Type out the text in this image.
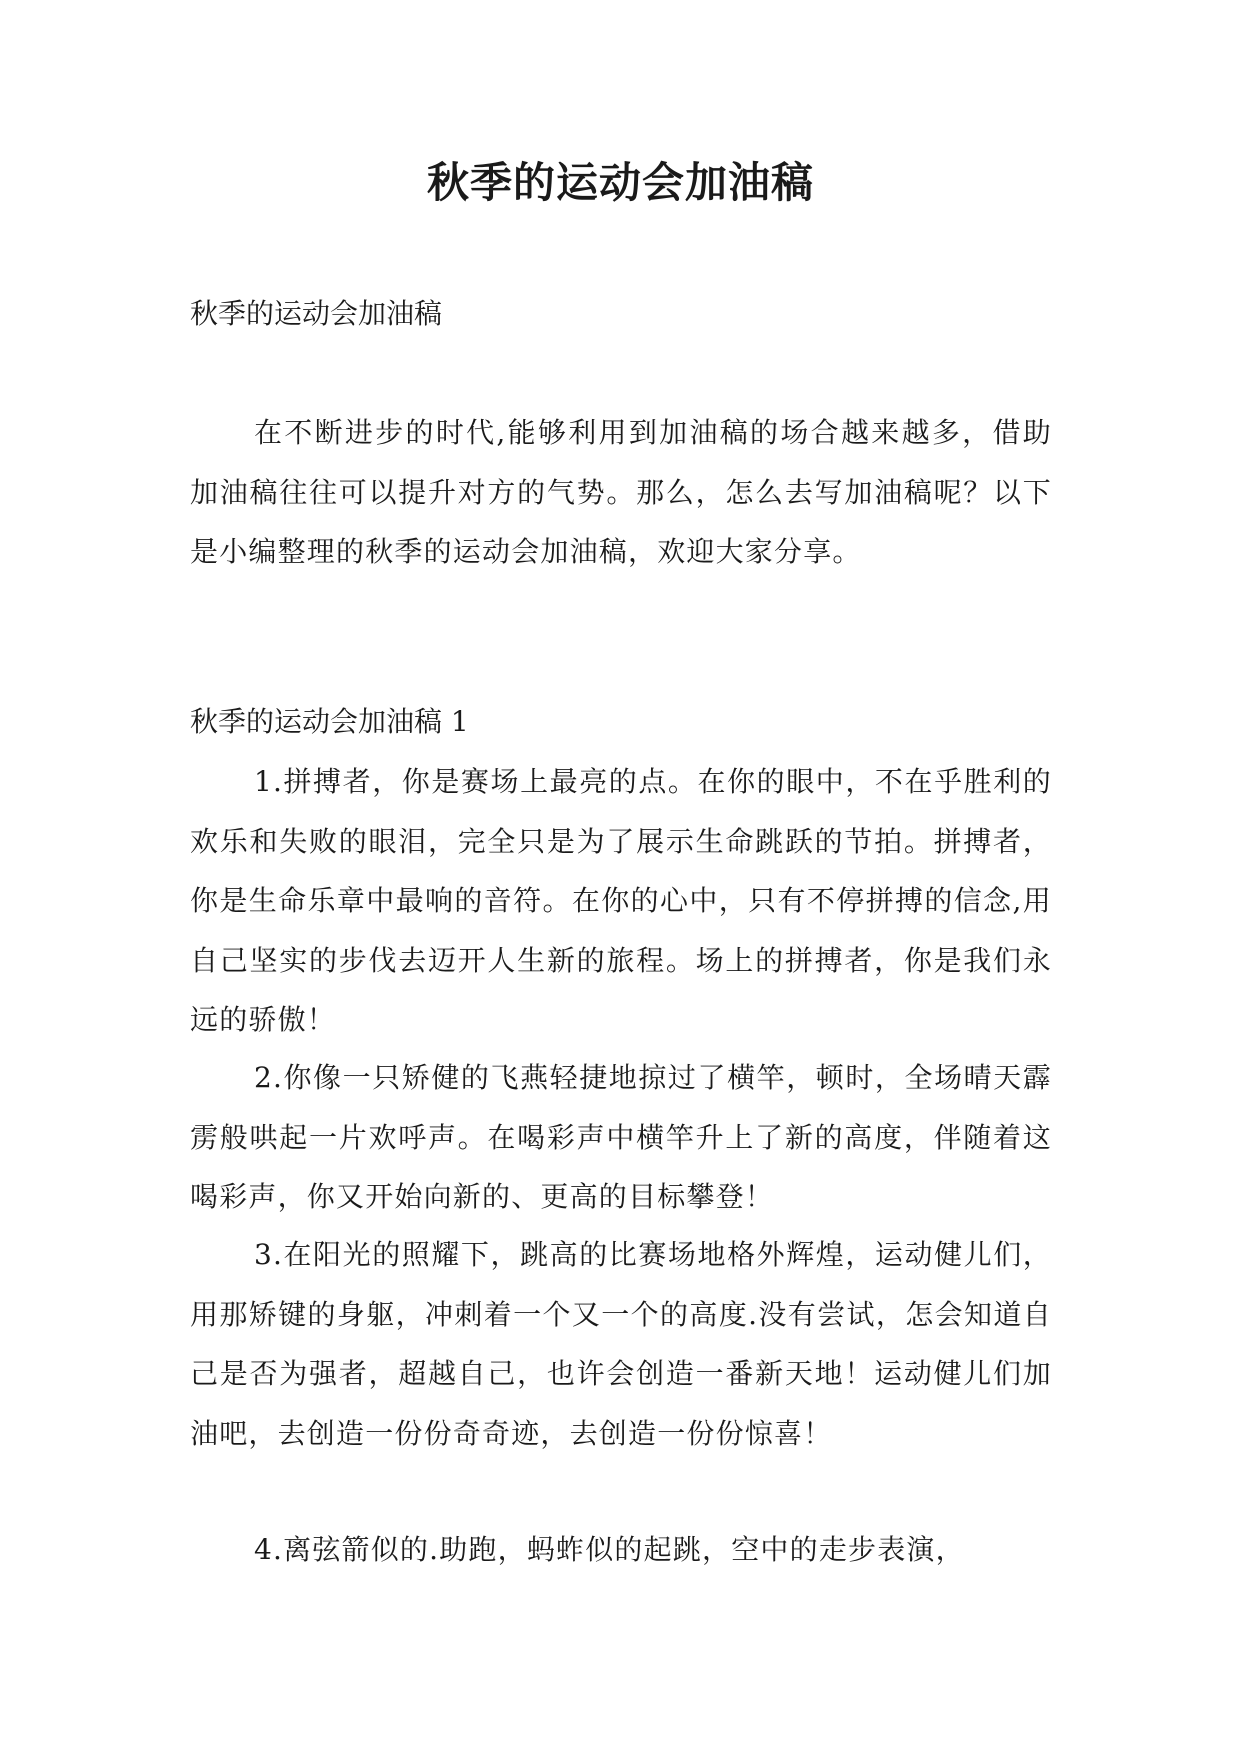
秋季的运动会加油稿

秋季的运动会加油稿

在不断进步的时代,能够利用到加油稿的场合越来越多，借助加油稿往往可以提升对方的气势。那么，怎么去写加油稿呢？以下是小编整理的秋季的运动会加油稿，欢迎大家分享。

秋季的运动会加油稿 1

1.拼搏者，你是赛场上最亮的点。在你的眼中，不在乎胜利的欢乐和失败的眼泪，完全只是为了展示生命跳跃的节拍。拼搏者，你是生命乐章中最响的音符。在你的心中，只有不停拼搏的信念,用自己坚实的步伐去迈开人生新的旅程。场上的拼搏者，你是我们永远的骄傲！

2.你像一只矫健的飞燕轻捷地掠过了横竿，顿时，全场晴天霹雳般哄起一片欢呼声。在喝彩声中横竿升上了新的高度，伴随着这喝彩声，你又开始向新的、更高的目标攀登！

3.在阳光的照耀下，跳高的比赛场地格外辉煌，运动健儿们，用那矫键的身躯，冲刺着一个又一个的高度.没有尝试，怎会知道自己是否为强者，超越自己，也许会创造一番新天地！运动健儿们加油吧，去创造一份份奇奇迹，去创造一份份惊喜！

4.离弦箭似的.助跑，蚂蚱似的起跳，空中的走步表演，
